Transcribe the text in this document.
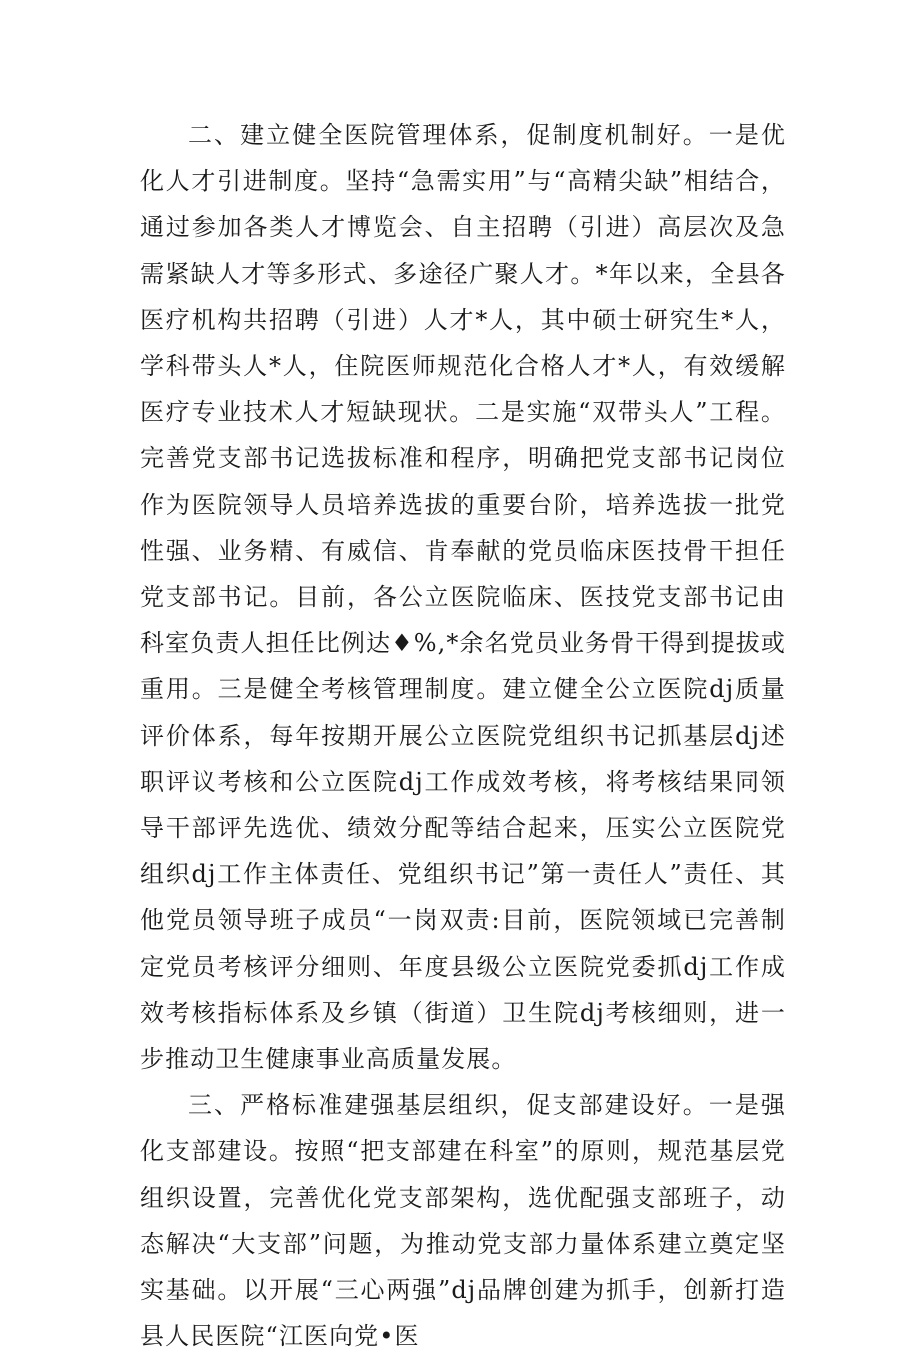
二、建立健全医院管理体系，促制度机制好。一是优化人才引进制度。坚持“急需实用”与“高精尖缺”相结合，通过参加各类人才博览会、自主招聘（引进）高层次及急需紧缺人才等多形式、多途径广聚人才。*年以来，全县各医疗机构共招聘（引进）人才*人，其中硕士研究生*人，学科带头人*人，住院医师规范化合格人才*人，有效缓解医疗专业技术人才短缺现状。二是实施“双带头人”工程。完善党支部书记选拔标准和程序，明确把党支部书记岗位作为医院领导人员培养选拔的重要台阶，培养选拔一批党性强、业务精、有威信、肯奉献的党员临床医技骨干担任党支部书记。目前，各公立医院临床、医技党支部书记由科室负责人担任比例达♦%,*余名党员业务骨干得到提拔或重用。三是健全考核管理制度。建立健全公立医院dj质量评价体系，每年按期开展公立医院党组织书记抓基层dj述职评议考核和公立医院dj工作成效考核，将考核结果同领导干部评先选优、绩效分配等结合起来，压实公立医院党组织dj工作主体责任、党组织书记”第一责任人”责任、其他党员领导班子成员“一岗双责:目前，医院领域已完善制定党员考核评分细则、年度县级公立医院党委抓dj工作成效考核指标体系及乡镇（街道）卫生院dj考核细则，进一步推动卫生健康事业高质量发展。

三、严格标准建强基层组织，促支部建设好。一是强化支部建设。按照“把支部建在科室”的原则，规范基层党组织设置，完善优化党支部架构，选优配强支部班子，动态解决“大支部”问题，为推动党支部力量体系建立奠定坚实基础。以开展“三心两强”dj品牌创建为抓手，创新打造县人民医院“江医向党•医
